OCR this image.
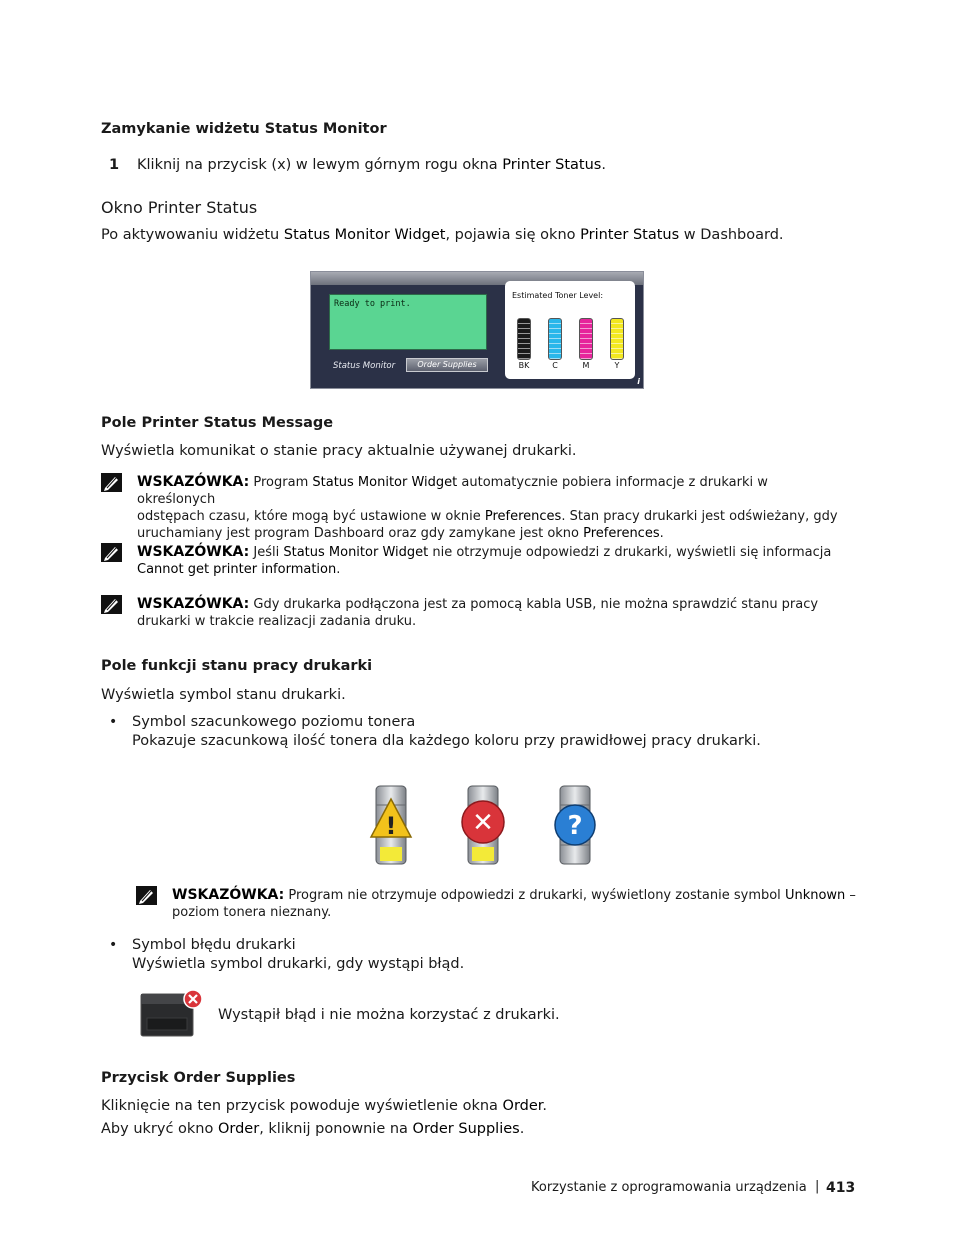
Zamykanie widżetu Status Monitor
1 Kliknij na przycisk (x) w lewym górnym rogu okna Printer Status.
Okno Printer Status
Po aktywowaniu widżetu Status Monitor Widget, pojawia się okno Printer Status w Dashboard.
Ready to print.
Status Monitor	Order Supplies
Estimated Toner Level:
BK	C	M	Y
i
Pole Printer Status Message
Wyświetla komunikat o stanie pracy aktualnie używanej drukarki.
WSKAZÓWKA: Program Status Monitor Widget automatycznie pobiera informacje z drukarki w określonych
odstępach czasu, które mogą być ustawione w oknie Preferences. Stan pracy drukarki jest odświeżany, gdy
uruchamiany jest program Dashboard oraz gdy zamykane jest okno Preferences.
WSKAZÓWKA: Jeśli Status Monitor Widget nie otrzymuje odpowiedzi z drukarki, wyświetli się informacja
Cannot get printer information.
WSKAZÓWKA: Gdy drukarka podłączona jest za pomocą kabla USB, nie można sprawdzić stanu pracy
drukarki w trakcie realizacji zadania druku.
Pole funkcji stanu pracy drukarki
Wyświetla symbol stanu drukarki.
• Symbol szacunkowego poziomu tonera
Pokazuje szacunkową ilość tonera dla każdego koloru przy prawidłowej pracy drukarki.
!	✕	?
WSKAZÓWKA: Program nie otrzymuje odpowiedzi z drukarki, wyświetlony zostanie symbol Unknown –
poziom tonera nieznany.
• Symbol błędu drukarki
Wyświetla symbol drukarki, gdy wystąpi błąd.
Wystąpił błąd i nie można korzystać z drukarki.
Przycisk Order Supplies
Kliknięcie na ten przycisk powoduje wyświetlenie okna Order.
Aby ukryć okno Order, kliknij ponownie na Order Supplies.
Korzystanie z oprogramowania urządzenia | 413
